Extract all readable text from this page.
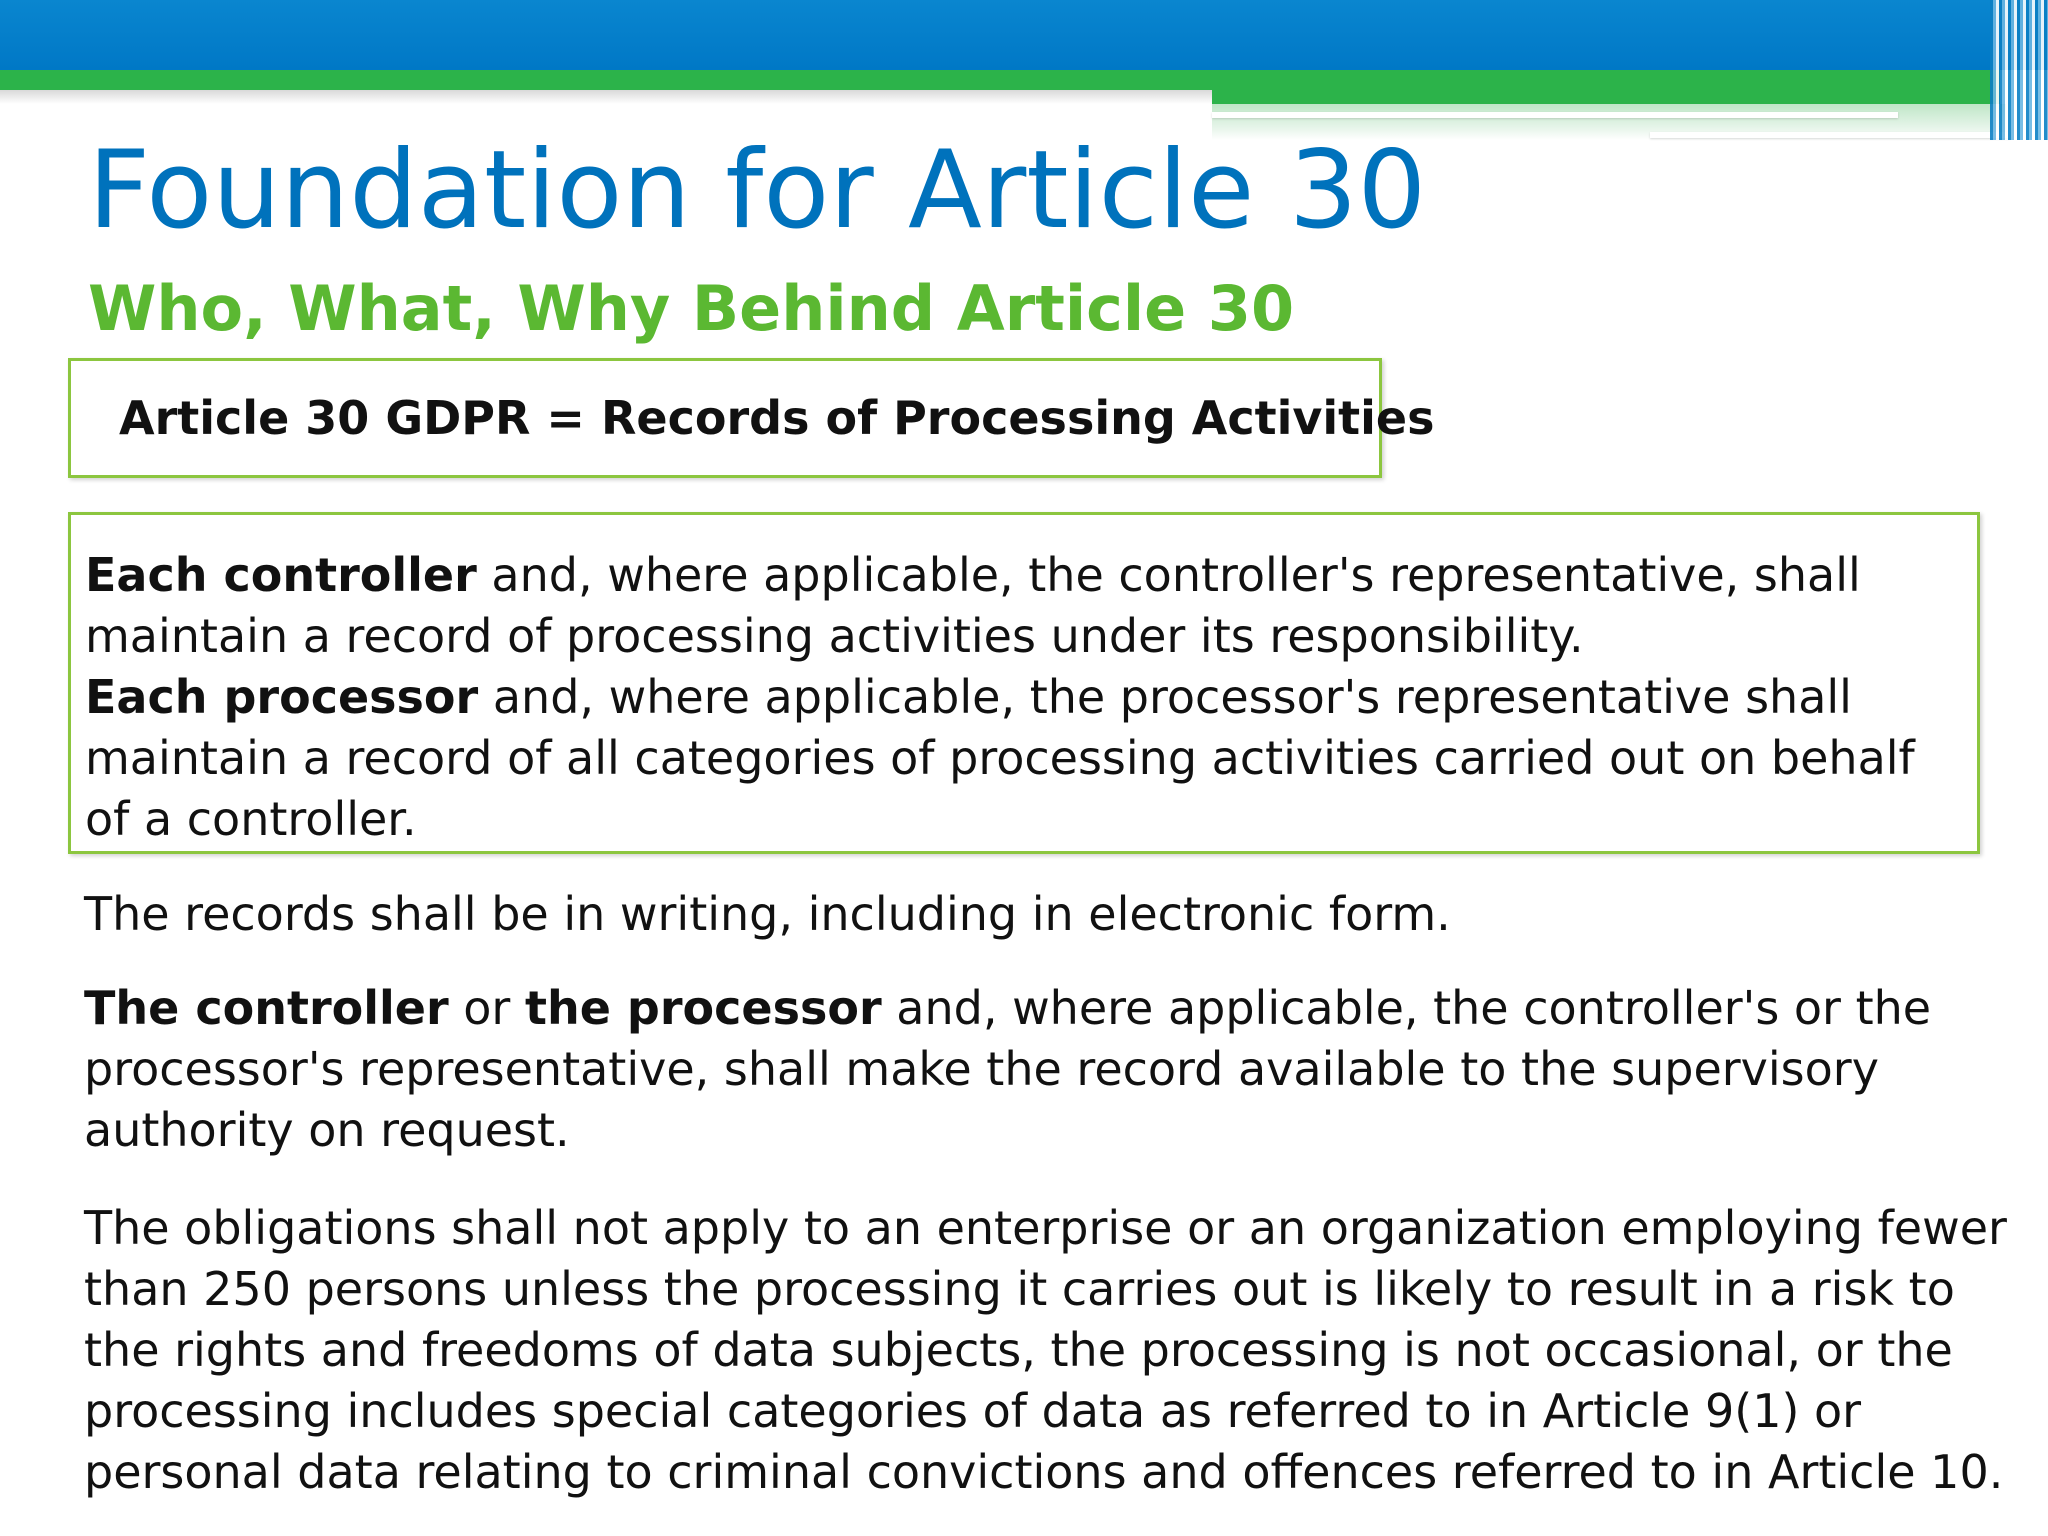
Foundation for Article 30
Who, What, Why Behind Article 30
Article 30 GDPR = Records of Processing Activities

Each controller and, where applicable, the controller's representative, shall maintain a record of processing activities under its responsibility.

Each processor and, where applicable, the processor's representative shall maintain a record of all categories of processing activities carried out on behalf of a controller.

The records shall be in writing, including in electronic form.

The controller or the processor and, where applicable, the controller's or the processor's representative, shall make the record available to the supervisory authority on request.

The obligations shall not apply to an enterprise or an organization employing fewer than 250 persons unless the processing it carries out is likely to result in a risk to the rights and freedoms of data subjects, the processing is not occasional, or the processing includes special categories of data as referred to in Article 9(1) or personal data relating to criminal convictions and offences referred to in Article 10.
